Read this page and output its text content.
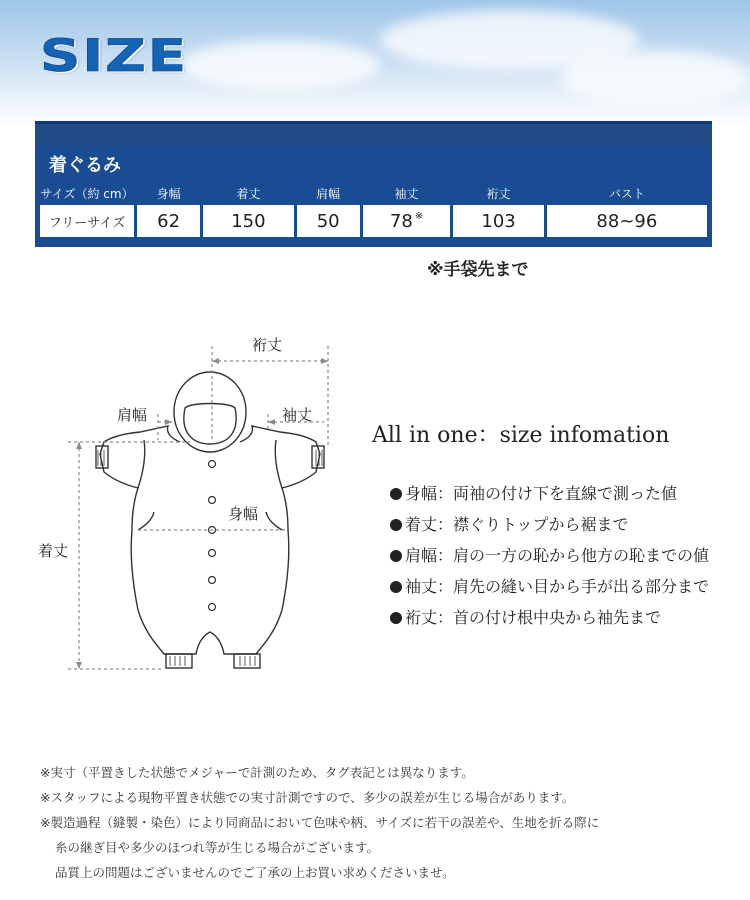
SIZE
着ぐるみ
サイズ（約 cm）	身幅	着丈	肩幅	袖丈	裄丈	バスト
フリーサイズ	62	150	50	78 ※	103	88~96
※手袋先まで
裄丈
肩幅	袖丈
身幅
着丈
All in one：size infomation
身幅：両袖の付け下を直線で測った値
着丈：襟ぐりトップから裾まで
肩幅：肩の一方の恥から他方の恥までの値
袖丈：肩先の縫い目から手が出る部分まで
裄丈：首の付け根中央から袖先まで
※実寸（平置きした状態でメジャーで計測のため、タグ表記とは異なります。
※スタッフによる現物平置き状態での実寸計測ですので、多少の誤差が生じる場合があります。
※製造過程（縫製・染色）により同商品において色味や柄、サイズに若干の誤差や、生地を折る際に
糸の継ぎ目や多少のほつれ等が生じる場合がございます。
品質上の問題はございませんのでご了承の上お買い求めくださいませ。
